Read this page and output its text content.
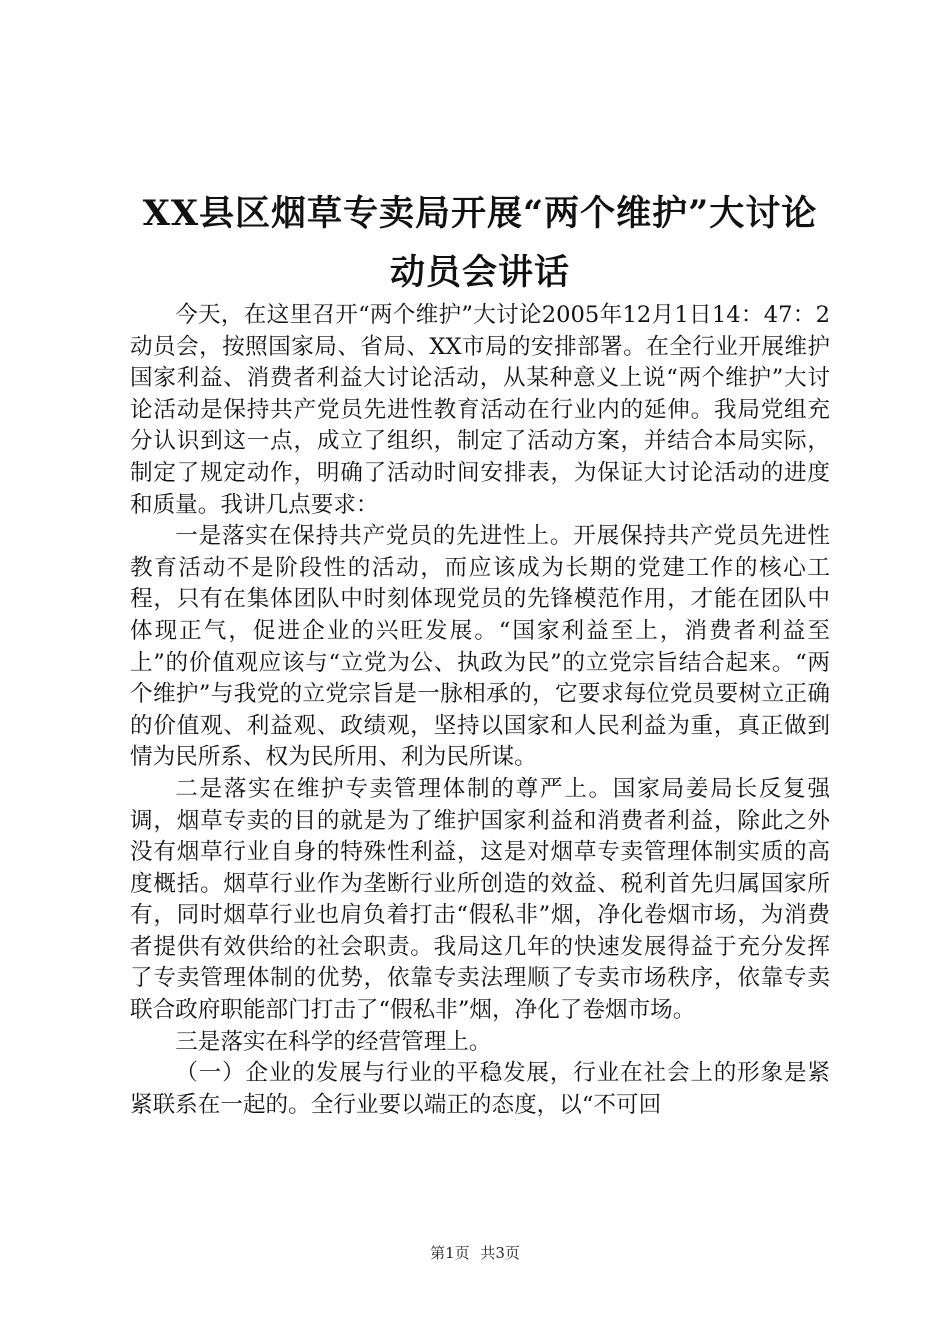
XX县区烟草专卖局开展“两个维护”大讨论
动员会讲话

今天，在这里召开“两个维护”大讨论2005年12月1日14：47：2动员会，按照国家局、省局、XX市局的安排部署。在全行业开展维护国家利益、消费者利益大讨论活动，从某种意义上说“两个维护”大讨论活动是保持共产党员先进性教育活动在行业内的延伸。我局党组充分认识到这一点，成立了组织，制定了活动方案，并结合本局实际，制定了规定动作，明确了活动时间安排表，为保证大讨论活动的进度和质量。我讲几点要求：

一是落实在保持共产党员的先进性上。开展保持共产党员先进性教育活动不是阶段性的活动，而应该成为长期的党建工作的核心工程，只有在集体团队中时刻体现党员的先锋模范作用，才能在团队中体现正气，促进企业的兴旺发展。“国家利益至上，消费者利益至上”的价值观应该与“立党为公、执政为民”的立党宗旨结合起来。“两个维护”与我党的立党宗旨是一脉相承的，它要求每位党员要树立正确的价值观、利益观、政绩观，坚持以国家和人民利益为重，真正做到情为民所系、权为民所用、利为民所谋。

二是落实在维护专卖管理体制的尊严上。国家局姜局长反复强调，烟草专卖的目的就是为了维护国家利益和消费者利益，除此之外没有烟草行业自身的特殊性利益，这是对烟草专卖管理体制实质的高度概括。烟草行业作为垄断行业所创造的效益、税利首先归属国家所有，同时烟草行业也肩负着打击“假私非”烟，净化卷烟市场，为消费者提供有效供给的社会职责。我局这几年的快速发展得益于充分发挥了专卖管理体制的优势，依靠专卖法理顺了专卖市场秩序，依靠专卖联合政府职能部门打击了“假私非”烟，净化了卷烟市场。

三是落实在科学的经营管理上。

（一）企业的发展与行业的平稳发展，行业在社会上的形象是紧紧联系在一起的。全行业要以端正的态度，以“不可回

第1页 共3页
